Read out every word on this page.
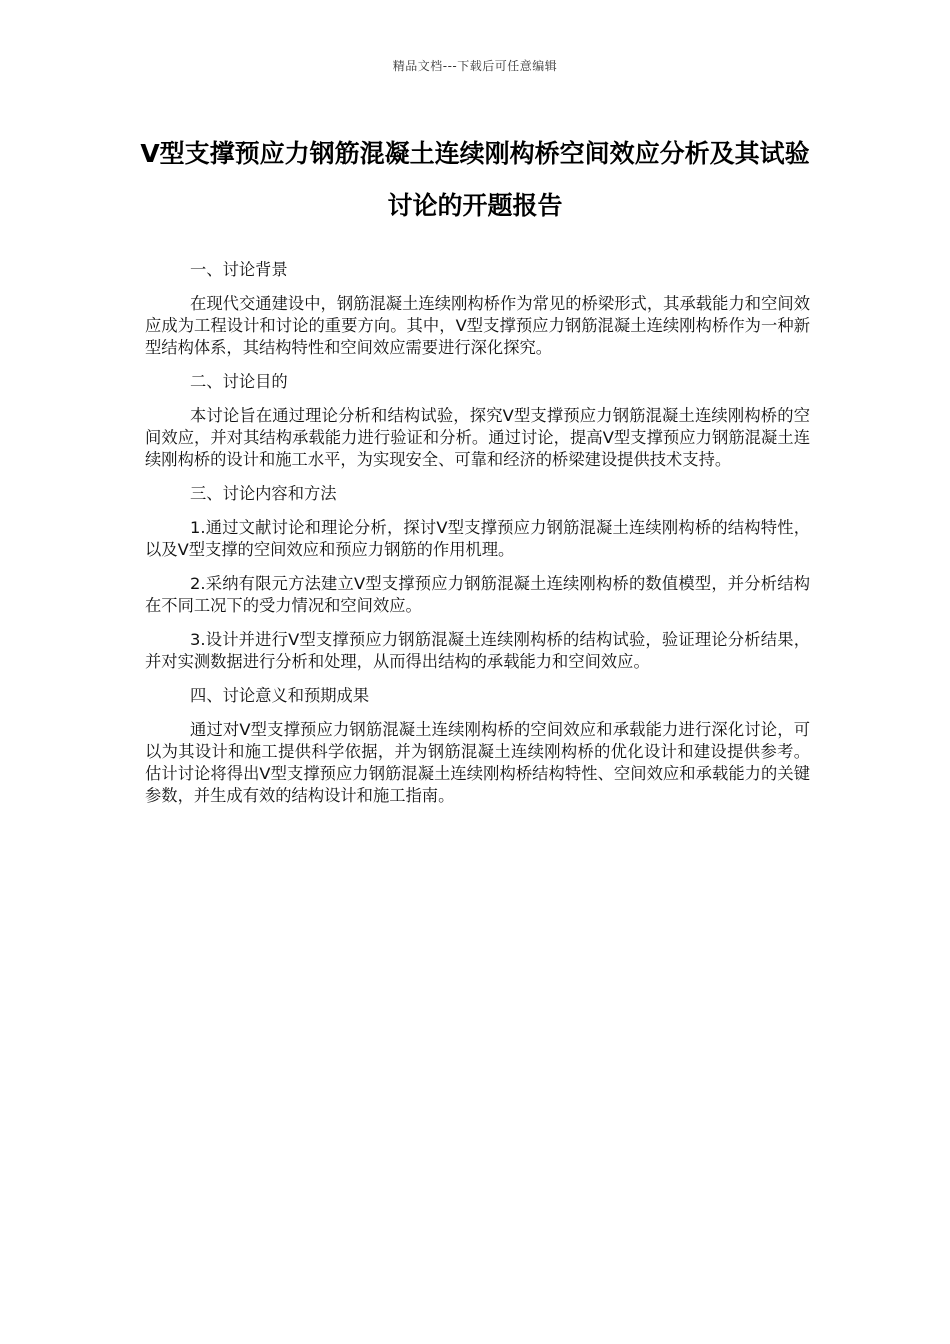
精品文档---下载后可任意编辑
V型支撑预应力钢筋混凝土连续刚构桥空间效应分析及其试验讨论的开题报告
一、讨论背景

在现代交通建设中，钢筋混凝土连续刚构桥作为常见的桥梁形式，其承载能力和空间效应成为工程设计和讨论的重要方向。其中，V型支撑预应力钢筋混凝土连续刚构桥作为一种新型结构体系，其结构特性和空间效应需要进行深化探究。

二、讨论目的

本讨论旨在通过理论分析和结构试验，探究V型支撑预应力钢筋混凝土连续刚构桥的空间效应，并对其结构承载能力进行验证和分析。通过讨论，提高V型支撑预应力钢筋混凝土连续刚构桥的设计和施工水平，为实现安全、可靠和经济的桥梁建设提供技术支持。

三、讨论内容和方法

1.通过文献讨论和理论分析，探讨V型支撑预应力钢筋混凝土连续刚构桥的结构特性，以及V型支撑的空间效应和预应力钢筋的作用机理。

2.采纳有限元方法建立V型支撑预应力钢筋混凝土连续刚构桥的数值模型，并分析结构在不同工况下的受力情况和空间效应。

3.设计并进行V型支撑预应力钢筋混凝土连续刚构桥的结构试验，验证理论分析结果，并对实测数据进行分析和处理，从而得出结构的承载能力和空间效应。

四、讨论意义和预期成果

通过对V型支撑预应力钢筋混凝土连续刚构桥的空间效应和承载能力进行深化讨论，可以为其设计和施工提供科学依据，并为钢筋混凝土连续刚构桥的优化设计和建设提供参考。估计讨论将得出V型支撑预应力钢筋混凝土连续刚构桥结构特性、空间效应和承载能力的关键参数，并生成有效的结构设计和施工指南。
